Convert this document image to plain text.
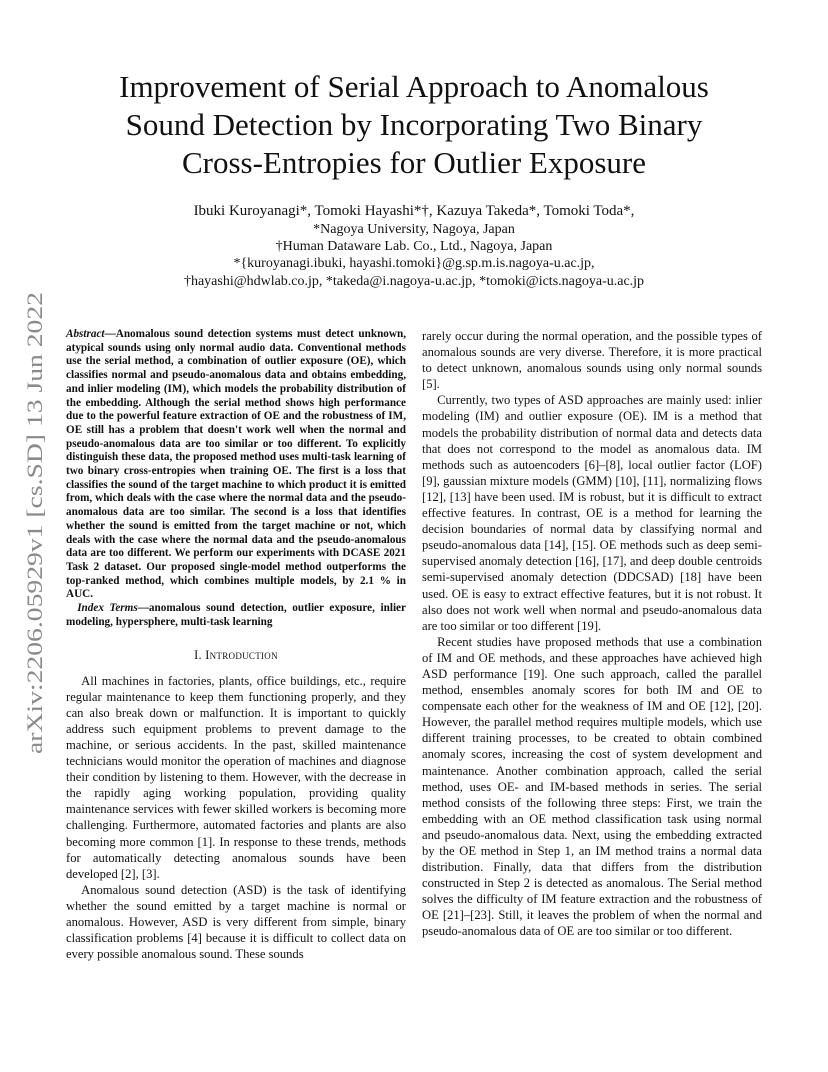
Improvement of Serial Approach to Anomalous
Sound Detection by Incorporating Two Binary
Cross-Entropies for Outlier Exposure
Ibuki Kuroyanagi*, Tomoki Hayashi*†, Kazuya Takeda*, Tomoki Toda*,
*Nagoya University, Nagoya, Japan
†Human Dataware Lab. Co., Ltd., Nagoya, Japan
*{kuroyanagi.ibuki, hayashi.tomoki}@g.sp.m.is.nagoya-u.ac.jp,
†hayashi@hdwlab.co.jp, *takeda@i.nagoya-u.ac.jp, *tomoki@icts.nagoya-u.ac.jp
arXiv:2206.05929v1 [cs.SD] 13 Jun 2022

Abstract—Anomalous sound detection systems must detect unknown, atypical sounds using only normal audio data. Conventional methods use the serial method, a combination of outlier exposure (OE), which classifies normal and pseudo-anomalous data and obtains embedding, and inlier modeling (IM), which models the probability distribution of the embedding. Although the serial method shows high performance due to the powerful feature extraction of OE and the robustness of IM, OE still has a problem that doesn't work well when the normal and pseudo-anomalous data are too similar or too different. To explicitly distinguish these data, the proposed method uses multi-task learning of two binary cross-entropies when training OE. The first is a loss that classifies the sound of the target machine to which product it is emitted from, which deals with the case where the normal data and the pseudo-anomalous data are too similar. The second is a loss that identifies whether the sound is emitted from the target machine or not, which deals with the case where the normal data and the pseudo-anomalous data are too different. We perform our experiments with DCASE 2021 Task 2 dataset. Our proposed single-model method outperforms the top-ranked method, which combines multiple models, by 2.1 % in AUC.

Index Terms—anomalous sound detection, outlier exposure, inlier modeling, hypersphere, multi-task learning

I. Introduction

All machines in factories, plants, office buildings, etc., require regular maintenance to keep them functioning properly, and they can also break down or malfunction. It is important to quickly address such equipment problems to prevent damage to the machine, or serious accidents. In the past, skilled maintenance technicians would monitor the operation of machines and diagnose their condition by listening to them. However, with the decrease in the rapidly aging working population, providing quality maintenance services with fewer skilled workers is becoming more challenging. Furthermore, automated factories and plants are also becoming more common [1]. In response to these trends, methods for automatically detecting anomalous sounds have been developed [2], [3].

Anomalous sound detection (ASD) is the task of identifying whether the sound emitted by a target machine is normal or anomalous. However, ASD is very different from simple, binary classification problems [4] because it is difficult to collect data on every possible anomalous sound. These sounds

rarely occur during the normal operation, and the possible types of anomalous sounds are very diverse. Therefore, it is more practical to detect unknown, anomalous sounds using only normal sounds [5].

Currently, two types of ASD approaches are mainly used: inlier modeling (IM) and outlier exposure (OE). IM is a method that models the probability distribution of normal data and detects data that does not correspond to the model as anomalous data. IM methods such as autoencoders [6]–[8], local outlier factor (LOF) [9], gaussian mixture models (GMM) [10], [11], normalizing flows [12], [13] have been used. IM is robust, but it is difficult to extract effective features. In contrast, OE is a method for learning the decision boundaries of normal data by classifying normal and pseudo-anomalous data [14], [15]. OE methods such as deep semi-supervised anomaly detection [16], [17], and deep double centroids semi-supervised anomaly detection (DDCSAD) [18] have been used. OE is easy to extract effective features, but it is not robust. It also does not work well when normal and pseudo-anomalous data are too similar or too different [19].

Recent studies have proposed methods that use a combination of IM and OE methods, and these approaches have achieved high ASD performance [19]. One such approach, called the parallel method, ensembles anomaly scores for both IM and OE to compensate each other for the weakness of IM and OE [12], [20]. However, the parallel method requires multiple models, which use different training processes, to be created to obtain combined anomaly scores, increasing the cost of system development and maintenance. Another combination approach, called the serial method, uses OE- and IM-based methods in series. The serial method consists of the following three steps: First, we train the embedding with an OE method classification task using normal and pseudo-anomalous data. Next, using the embedding extracted by the OE method in Step 1, an IM method trains a normal data distribution. Finally, data that differs from the distribution constructed in Step 2 is detected as anomalous. The Serial method solves the difficulty of IM feature extraction and the robustness of OE [21]–[23]. Still, it leaves the problem of when the normal and pseudo-anomalous data of OE are too similar or too different.
